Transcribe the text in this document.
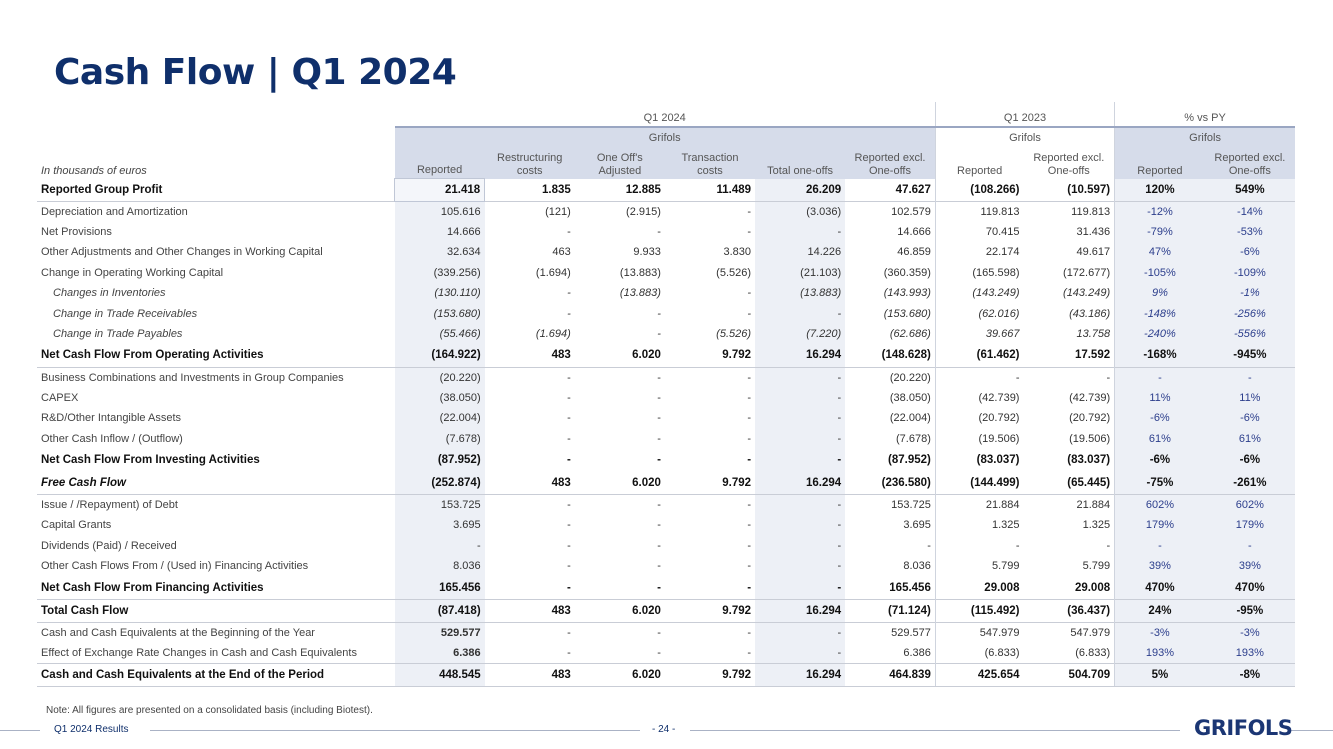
Cash Flow | Q1 2024
	Q1 2024						Q1 2023		% vs PY	
	Grifols						Grifols		Grifols	
In thousands of euros	Reported	Restructuring costs	One Off's Adjusted	Transaction costs	Total one-offs	Reported excl. One-offs	Reported	Reported excl. One-offs	Reported	Reported excl. One-offs
Reported Group Profit	21.418	1.835	12.885	11.489	26.209	47.627	(108.266)	(10.597)	120%	549%
Depreciation and Amortization	105.616	(121)	(2.915)	-	(3.036)	102.579	119.813	119.813	-12%	-14%
Net Provisions	14.666	-	-	-	-	14.666	70.415	31.436	-79%	-53%
Other Adjustments and Other Changes in Working Capital	32.634	463	9.933	3.830	14.226	46.859	22.174	49.617	47%	-6%
Change in Operating Working Capital	(339.256)	(1.694)	(13.883)	(5.526)	(21.103)	(360.359)	(165.598)	(172.677)	-105%	-109%
Changes in Inventories	(130.110)	-	(13.883)	-	(13.883)	(143.993)	(143.249)	(143.249)	9%	-1%
Change in Trade Receivables	(153.680)	-	-	-	-	(153.680)	(62.016)	(43.186)	-148%	-256%
Change in Trade Payables	(55.466)	(1.694)	-	(5.526)	(7.220)	(62.686)	39.667	13.758	-240%	-556%
Net Cash Flow From Operating Activities	(164.922)	483	6.020	9.792	16.294	(148.628)	(61.462)	17.592	-168%	-945%
Business Combinations and Investments in Group Companies	(20.220)	-	-	-	-	(20.220)	-	-	-	-
CAPEX	(38.050)	-	-	-	-	(38.050)	(42.739)	(42.739)	11%	11%
R&D/Other Intangible Assets	(22.004)	-	-	-	-	(22.004)	(20.792)	(20.792)	-6%	-6%
Other Cash Inflow / (Outflow)	(7.678)	-	-	-	-	(7.678)	(19.506)	(19.506)	61%	61%
Net Cash Flow From Investing Activities	(87.952)	-	-	-	-	(87.952)	(83.037)	(83.037)	-6%	-6%
Free Cash Flow	(252.874)	483	6.020	9.792	16.294	(236.580)	(144.499)	(65.445)	-75%	-261%
Issue / /Repayment) of Debt	153.725	-	-	-	-	153.725	21.884	21.884	602%	602%
Capital Grants	3.695	-	-	-	-	3.695	1.325	1.325	179%	179%
Dividends (Paid) / Received	-	-	-	-	-	-	-	-	-	-
Other Cash Flows From / (Used in) Financing Activities	8.036	-	-	-	-	8.036	5.799	5.799	39%	39%
Net Cash Flow From Financing Activities	165.456	-	-	-	-	165.456	29.008	29.008	470%	470%
Total Cash Flow	(87.418)	483	6.020	9.792	16.294	(71.124)	(115.492)	(36.437)	24%	-95%
Cash and Cash Equivalents at the Beginning of the Year	529.577	-	-	-	-	529.577	547.979	547.979	-3%	-3%
Effect of Exchange Rate Changes in Cash and Cash Equivalents	6.386	-	-	-	-	6.386	(6.833)	(6.833)	193%	193%
Cash and Cash Equivalents at the End of the Period	448.545	483	6.020	9.792	16.294	464.839	425.654	504.709	5%	-8%
Note: All figures are presented on a consolidated basis (including Biotest).
Q1 2024 Results	- 24 -	GRIFOLS
